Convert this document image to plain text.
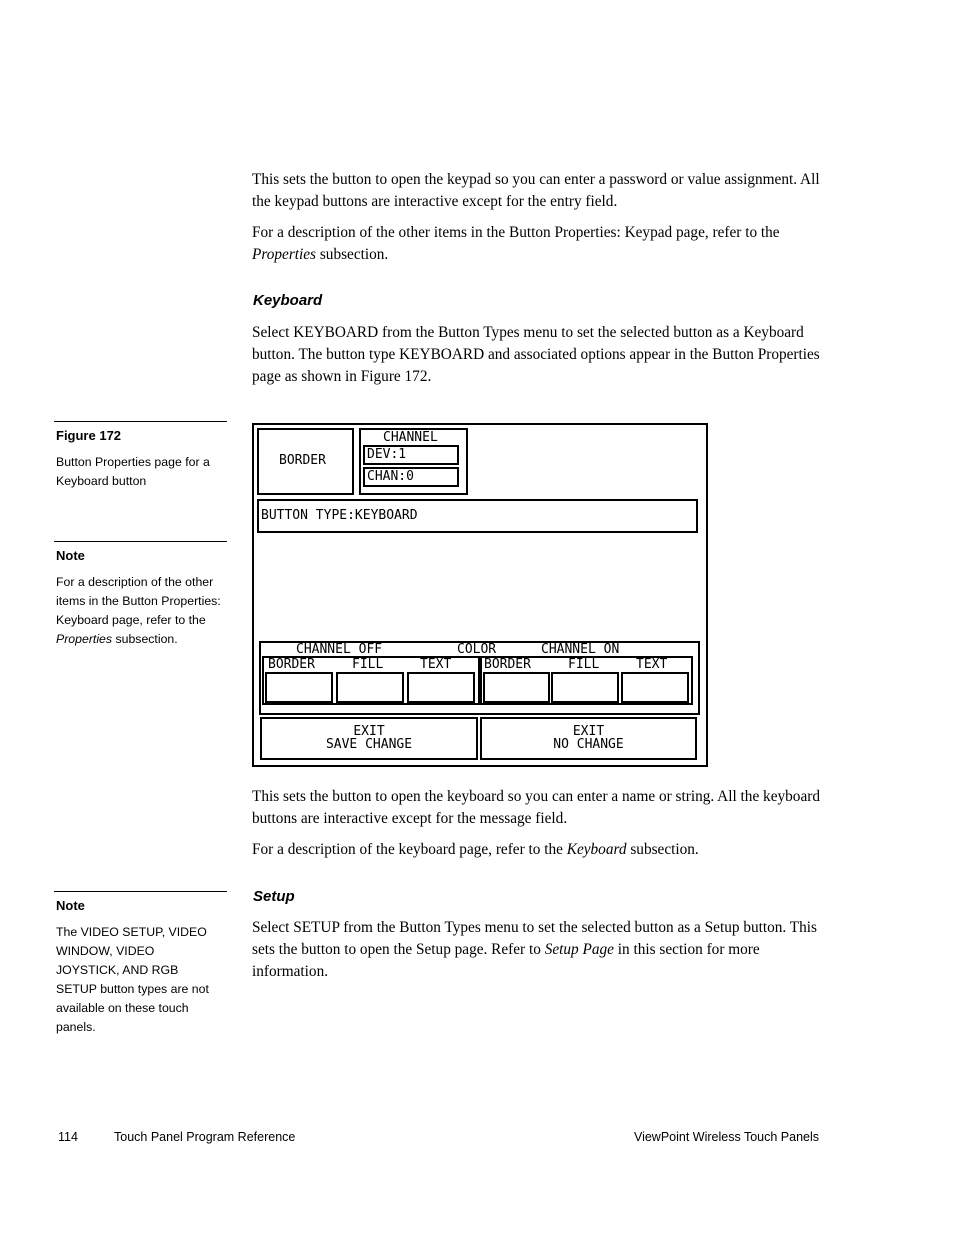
This sets the button to open the keypad so you can enter a password or value assignment. All the keypad buttons are interactive except for the entry field.

For a description of the other items in the Button Properties: Keypad page, refer to the Properties subsection.

Keyboard

Select KEYBOARD from the Button Types menu to set the selected button as a Keyboard button. The button type KEYBOARD and associated options appear in the Button Properties page as shown in Figure 172.

This sets the button to open the keyboard so you can enter a name or string. All the keyboard buttons are interactive except for the message field.

For a description of the keyboard page, refer to the Keyboard subsection.

Setup

Select SETUP from the Button Types menu to set the selected button as a Setup button. This sets the button to open the Setup page. Refer to Setup Page in this section for more information.

Figure 172
Button Properties page for a Keyboard button
Note
For a description of the other items in the Button Properties: Keyboard page, refer to the Properties subsection.
Note
The VIDEO SETUP, VIDEO WINDOW, VIDEO JOYSTICK, AND RGB SETUP button types are not available on these touch panels.
BORDER
CHANNEL
DEV:1
CHAN:0
BUTTON TYPE:KEYBOARD
CHANNEL OFF	COLOR	CHANNEL ON
BORDER	FILL	TEXT	BORDER	FILL	TEXT
EXIT
SAVE CHANGE
EXIT
NO CHANGE
114	Touch Panel Program Reference	ViewPoint Wireless Touch Panels
